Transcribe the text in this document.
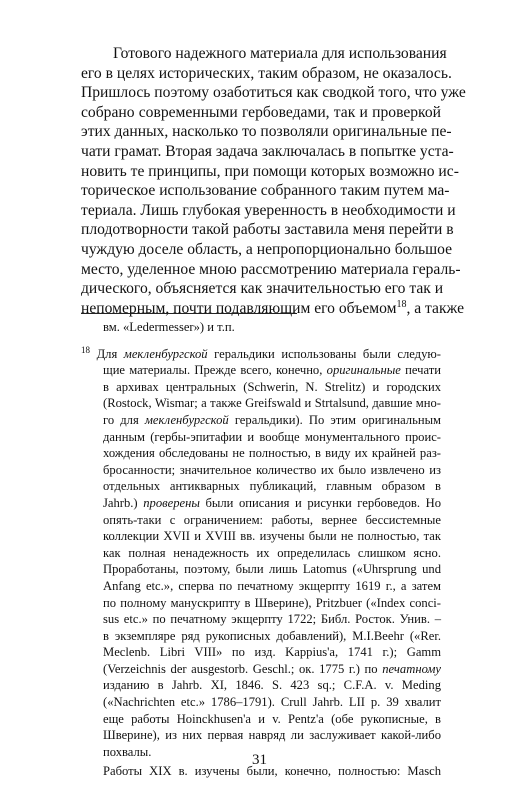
Готового надежного материала для использования
его в целях исторических, таким образом, не оказалось.
Пришлось поэтому озаботиться как сводкой того, что уже
собрано современными гербоведами, так и проверкой
этих данных, насколько то позволяли оригинальные пе-
чати грамат. Вторая задача заключалась в попытке уста-
новить те принципы, при помощи которых возможно ис-
торическое использование собранного таким путем ма-
териала. Лишь глубокая уверенность в необходимости и
плодотворности такой работы заставила меня перейти в
чуждую доселе область, а непропорционально большое
место, уделенное мною рассмотрению материала гераль-
дического, объясняется как значительностью его так и
непомерным, почти подавляющим его объемом$^{18}$, а также
вм. «Ledermesser») и т.п.
$^{18}$ Для мекленбургской геральдики использованы были следую-
щие материалы. Прежде всего, конечно, оригинальные печати
в архивах центральных (Schwerin, N. Strelitz) и городских
(Rostock, Wismar; а также Greifswald и Strtalsund, давшие мно-
го для мекленбургской геральдики). По этим оригинальным
данным (гербы-эпитафии и вообще монументального проис-
хождения обследованы не полностью, в виду их крайней раз-
бросанности; значительное количество их было извлечено из
отдельных антикварных публикаций, главным образом в
Jahrb.) проверены были описания и рисунки гербоведов. Но
опять-таки с ограничением: работы, вернее бессистемные
коллекции XVII и XVIII вв. изучены были не полностью, так
как полная ненадежность их определилась слишком ясно.
Проработаны, поэтому, были лишь Latomus («Uhrsprung und
Anfang etc.», сперва по печатному экщерпту 1619 г., а затем
по полному манускрипту в Шверине), Pritzbuer («Index conci-
sus etc.» по печатному экщерпту 1722; Библ. Росток. Унив. –
в экземпляре ряд рукописных добавлений), M.I.Beehr («Rer.
Meclenb. Libri VIII» по изд. Kappius'a, 1741 г.); Gamm
(Verzeichnis der ausgestorb. Geschl.; ок. 1775 г.) по печатному
изданию в Jahrb. XI, 1846. S. 423 sq.; C.F.A. v. Meding
(«Nachrichten etc.» 1786–1791). Crull Jahrb. LII p. 39 хвалит
еще работы Hoinckhusen'а и v. Pentz'a (обе рукописные, в
Шверине), из них первая навряд ли заслуживает какой-либо
похвалы.
Работы XIX в. изучены были, конечно, полностью: Masch
31
